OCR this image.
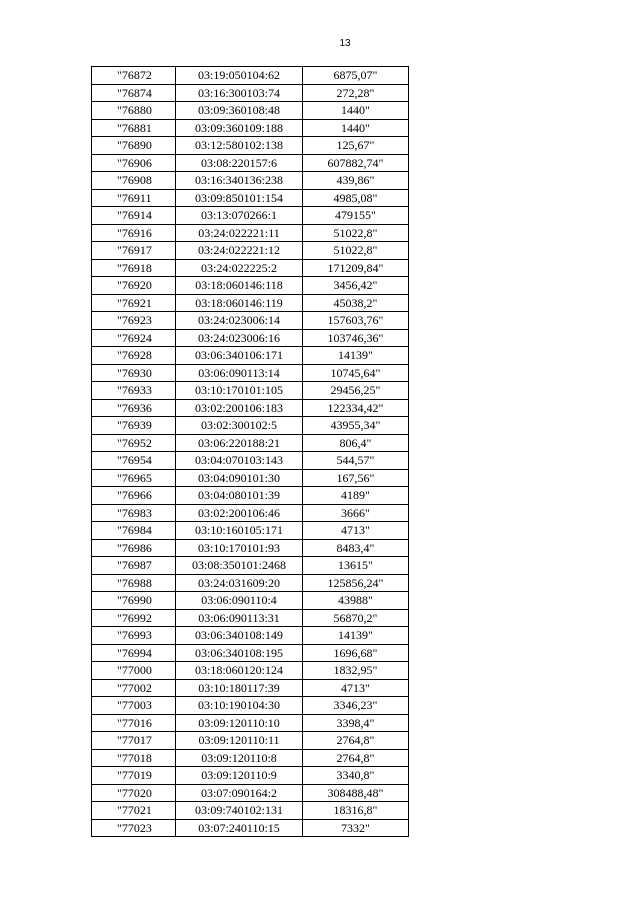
13
"76872	03:19:050104:62	6875,07"
"76874	03:16:300103:74	272,28"
"76880	03:09:360108:48	1440"
"76881	03:09:360109:188	1440"
"76890	03:12:580102:138	125,67"
"76906	03:08:220157:6	607882,74"
"76908	03:16:340136:238	439,86"
"76911	03:09:850101:154	4985,08"
"76914	03:13:070266:1	479155"
"76916	03:24:022221:11	51022,8"
"76917	03:24:022221:12	51022,8"
"76918	03:24:022225:2	171209,84"
"76920	03:18:060146:118	3456,42"
"76921	03:18:060146:119	45038,2"
"76923	03:24:023006:14	157603,76"
"76924	03:24:023006:16	103746,36"
"76928	03:06:340106:171	14139"
"76930	03:06:090113:14	10745,64"
"76933	03:10:170101:105	29456,25"
"76936	03:02:200106:183	122334,42"
"76939	03:02:300102:5	43955,34"
"76952	03:06:220188:21	806,4"
"76954	03:04:070103:143	544,57"
"76965	03:04:090101:30	167,56"
"76966	03:04:080101:39	4189"
"76983	03:02:200106:46	3666"
"76984	03:10:160105:171	4713"
"76986	03:10:170101:93	8483,4"
"76987	03:08:350101:2468	13615"
"76988	03:24:031609:20	125856,24"
"76990	03:06:090110:4	43988"
"76992	03:06:090113:31	56870,2"
"76993	03:06:340108:149	14139"
"76994	03:06:340108:195	1696,68"
"77000	03:18:060120:124	1832,95"
"77002	03:10:180117:39	4713"
"77003	03:10:190104:30	3346,23"
"77016	03:09:120110:10	3398,4"
"77017	03:09:120110:11	2764,8"
"77018	03:09:120110:8	2764,8"
"77019	03:09:120110:9	3340,8"
"77020	03:07:090164:2	308488,48"
"77021	03:09:740102:131	18316,8"
"77023	03:07:240110:15	7332"
